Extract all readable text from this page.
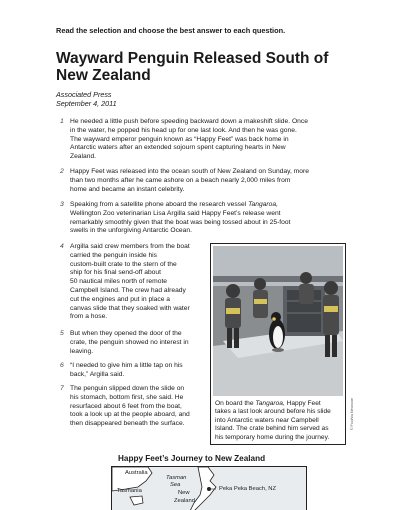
Read the selection and choose the best answer to each question.
Wayward Penguin Released South of New Zealand
Associated Press
September 4, 2011
1 He needed a little push before speeding backward down a makeshift slide. Once
in the water, he popped his head up for one last look. And then he was gone.
The wayward emperor penguin known as “Happy Feet” was back home in
Antarctic waters after an extended sojourn spent capturing hearts in New
Zealand.

2 Happy Feet was released into the ocean south of New Zealand on Sunday, more
than two months after he came ashore on a beach nearly 2,000 miles from
home and became an instant celebrity.

3 Speaking from a satellite phone aboard the research vessel Tangaroa,
Wellington Zoo veterinarian Lisa Argilla said Happy Feet’s release went
remarkably smoothly given that the boat was being tossed about in 25-foot
swells in the unforgiving Antarctic Ocean.

4 Argilla said crew members from the boat
carried the penguin inside his
custom-built crate to the stern of the
ship for his final send-off about
50 nautical miles north of remote
Campbell Island. The crew had already
cut the engines and put in place a
canvas slide that they soaked with water
from a hose.

5 But when they opened the door of the
crate, the penguin showed no interest in
leaving.

6 “I needed to give him a little tap on his
back,” Argilla said.

7 The penguin slipped down the slide on
his stomach, bottom first, she said. He
resurfaced about 6 feet from the boat,
took a look up at the people aboard, and
then disappeared beneath the surface.

On board the Tangaroa, Happy Feet
takes a last look around before his slide
into Antarctic waters near Campbell
Island. The crate behind him served as
his temporary home during the journey.

© Pool/via Newscom
Happy Feet’s Journey to New Zealand
Australia
Tasman
Sea
Tasmania	New
Zealand
Peka Peka Beach, NZ
